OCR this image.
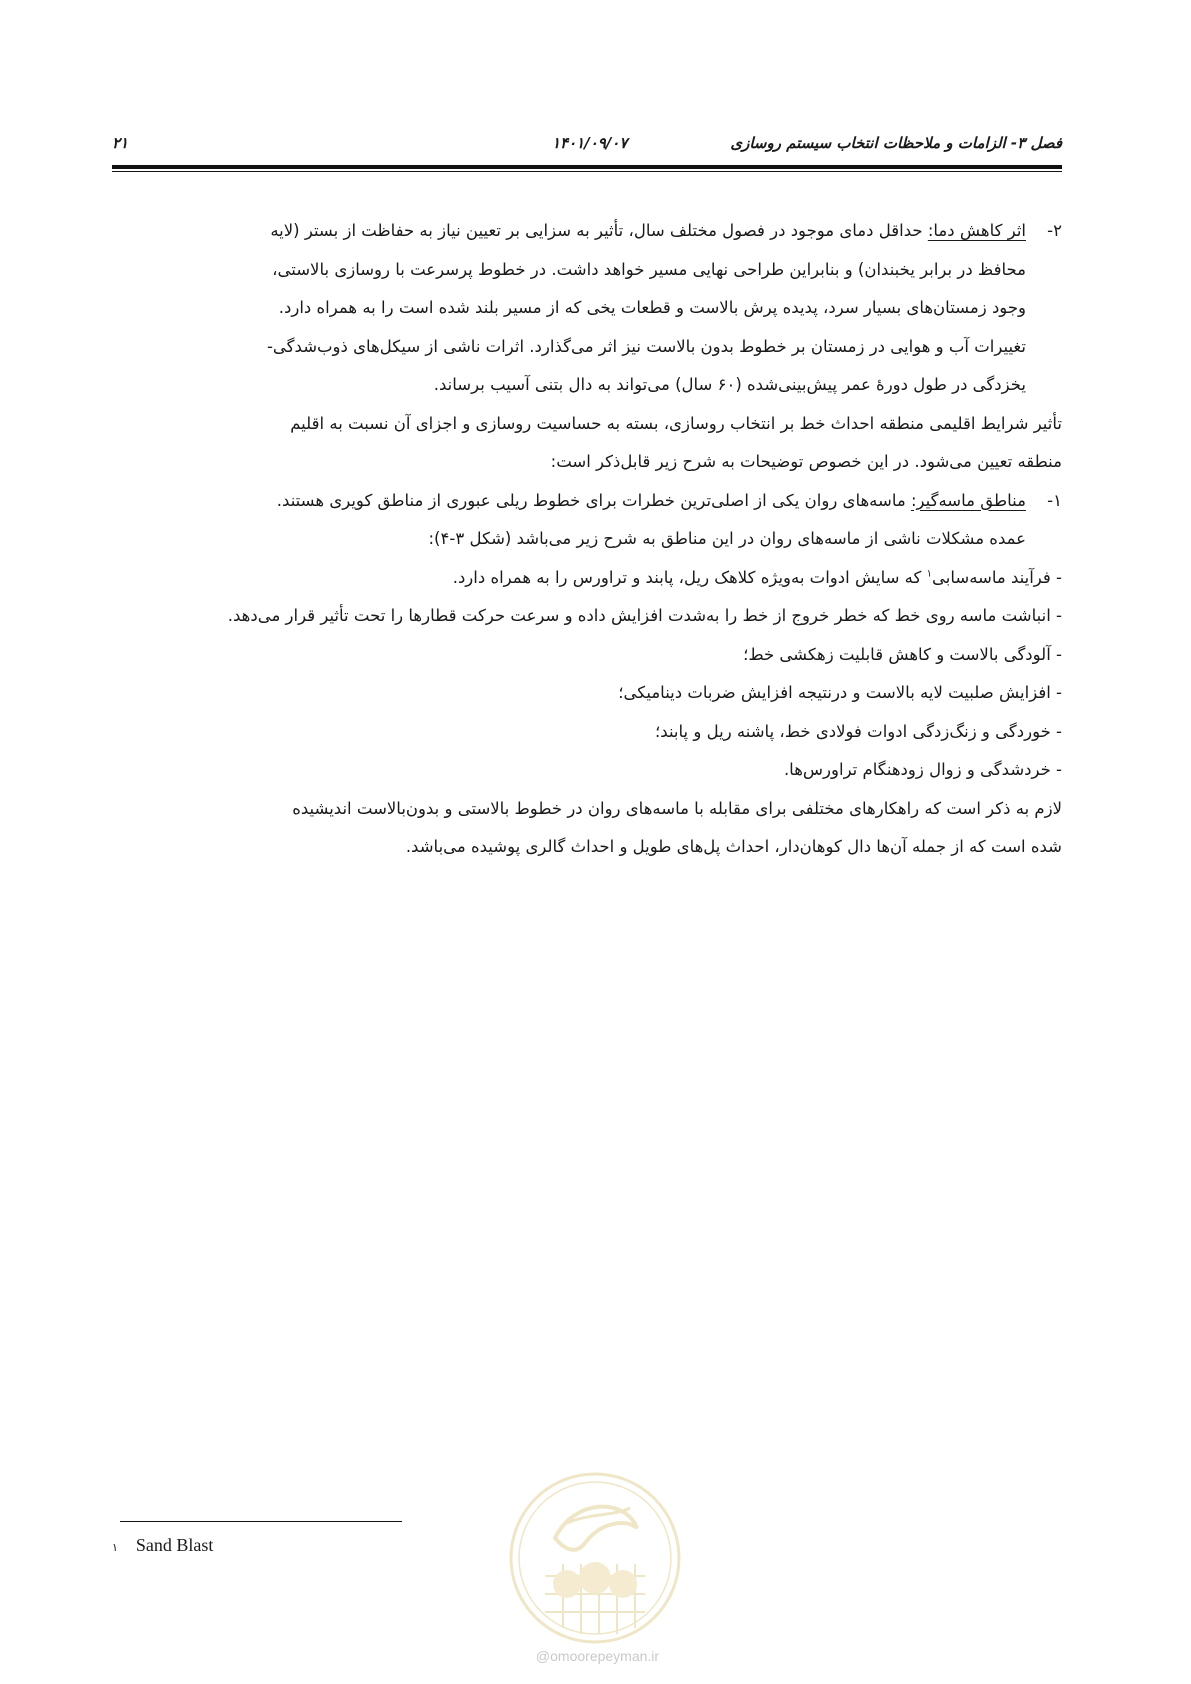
فصل ۳- الزامات و ملاحظات انتخاب سیستم روسازی
۱۴۰۱/۰۹/۰۷
۲۱
۲-

اثر کاهش دما: حداقل دمای موجود در فصول مختلف سال، تأثیر به سزایی بر تعیین نیاز به حفاظت از بستر (لایه

محافظ در برابر یخبندان) و بنابراین طراحی نهایی مسیر خواهد داشت. در خطوط پرسرعت با روسازی بالاستی،

وجود زمستان‌های بسیار سرد، پدیده پرش بالاست و قطعات یخی که از مسیر بلند شده است را به همراه دارد.

تغییرات آب و هوایی در زمستان بر خطوط بدون بالاست نیز اثر می‌گذارد. اثرات ناشی از سیکل‌های ذوب‌شدگی-

یخزدگی در طول دورهٔ عمر پیش‌بینی‌شده (۶۰ سال) می‌تواند به دال بتنی آسیب برساند.

تأثیر شرایط اقلیمی منطقه احداث خط بر انتخاب روسازی، بسته به حساسیت روسازی و اجزای آن نسبت به اقلیم

منطقه تعیین می‌شود. در این خصوص توضیحات به شرح زیر قابل‌ذکر است:

۱-

مناطق ماسه‌گیر: ماسه‌های روان یکی از اصلی‌ترین خطرات برای خطوط ریلی عبوری از مناطق کویری هستند.

عمده مشکلات ناشی از ماسه‌های روان در این مناطق به شرح زیر می‌باشد (شکل ۳-۴):

- فرآیند ماسه‌سابی$^۱$ که سایش ادوات به‌ویژه کلاهک ریل، پابند و تراورس را به همراه دارد.

- انباشت ماسه روی خط که خطر خروج از خط را به‌شدت افزایش داده و سرعت حرکت قطارها را تحت تأثیر قرار می‌دهد.

- آلودگی بالاست و کاهش قابلیت زهکشی خط؛

- افزایش صلبیت لایه بالاست و درنتیجه افزایش ضربات دینامیکی؛

- خوردگی و زنگ‌زدگی ادوات فولادی خط، پاشنه ریل و پابند؛

- خردشدگی و زوال زودهنگام تراورس‌ها.

لازم به ذکر است که راهکارهای مختلفی برای مقابله با ماسه‌های روان در خطوط بالاستی و بدون‌بالاست اندیشیده

شده است که از جمله آن‌ها دال کوهان‌دار، احداث پل‌های طویل و احداث گالری پوشیده می‌باشد.

۱ Sand Blast
@omoorepeyman.ir
